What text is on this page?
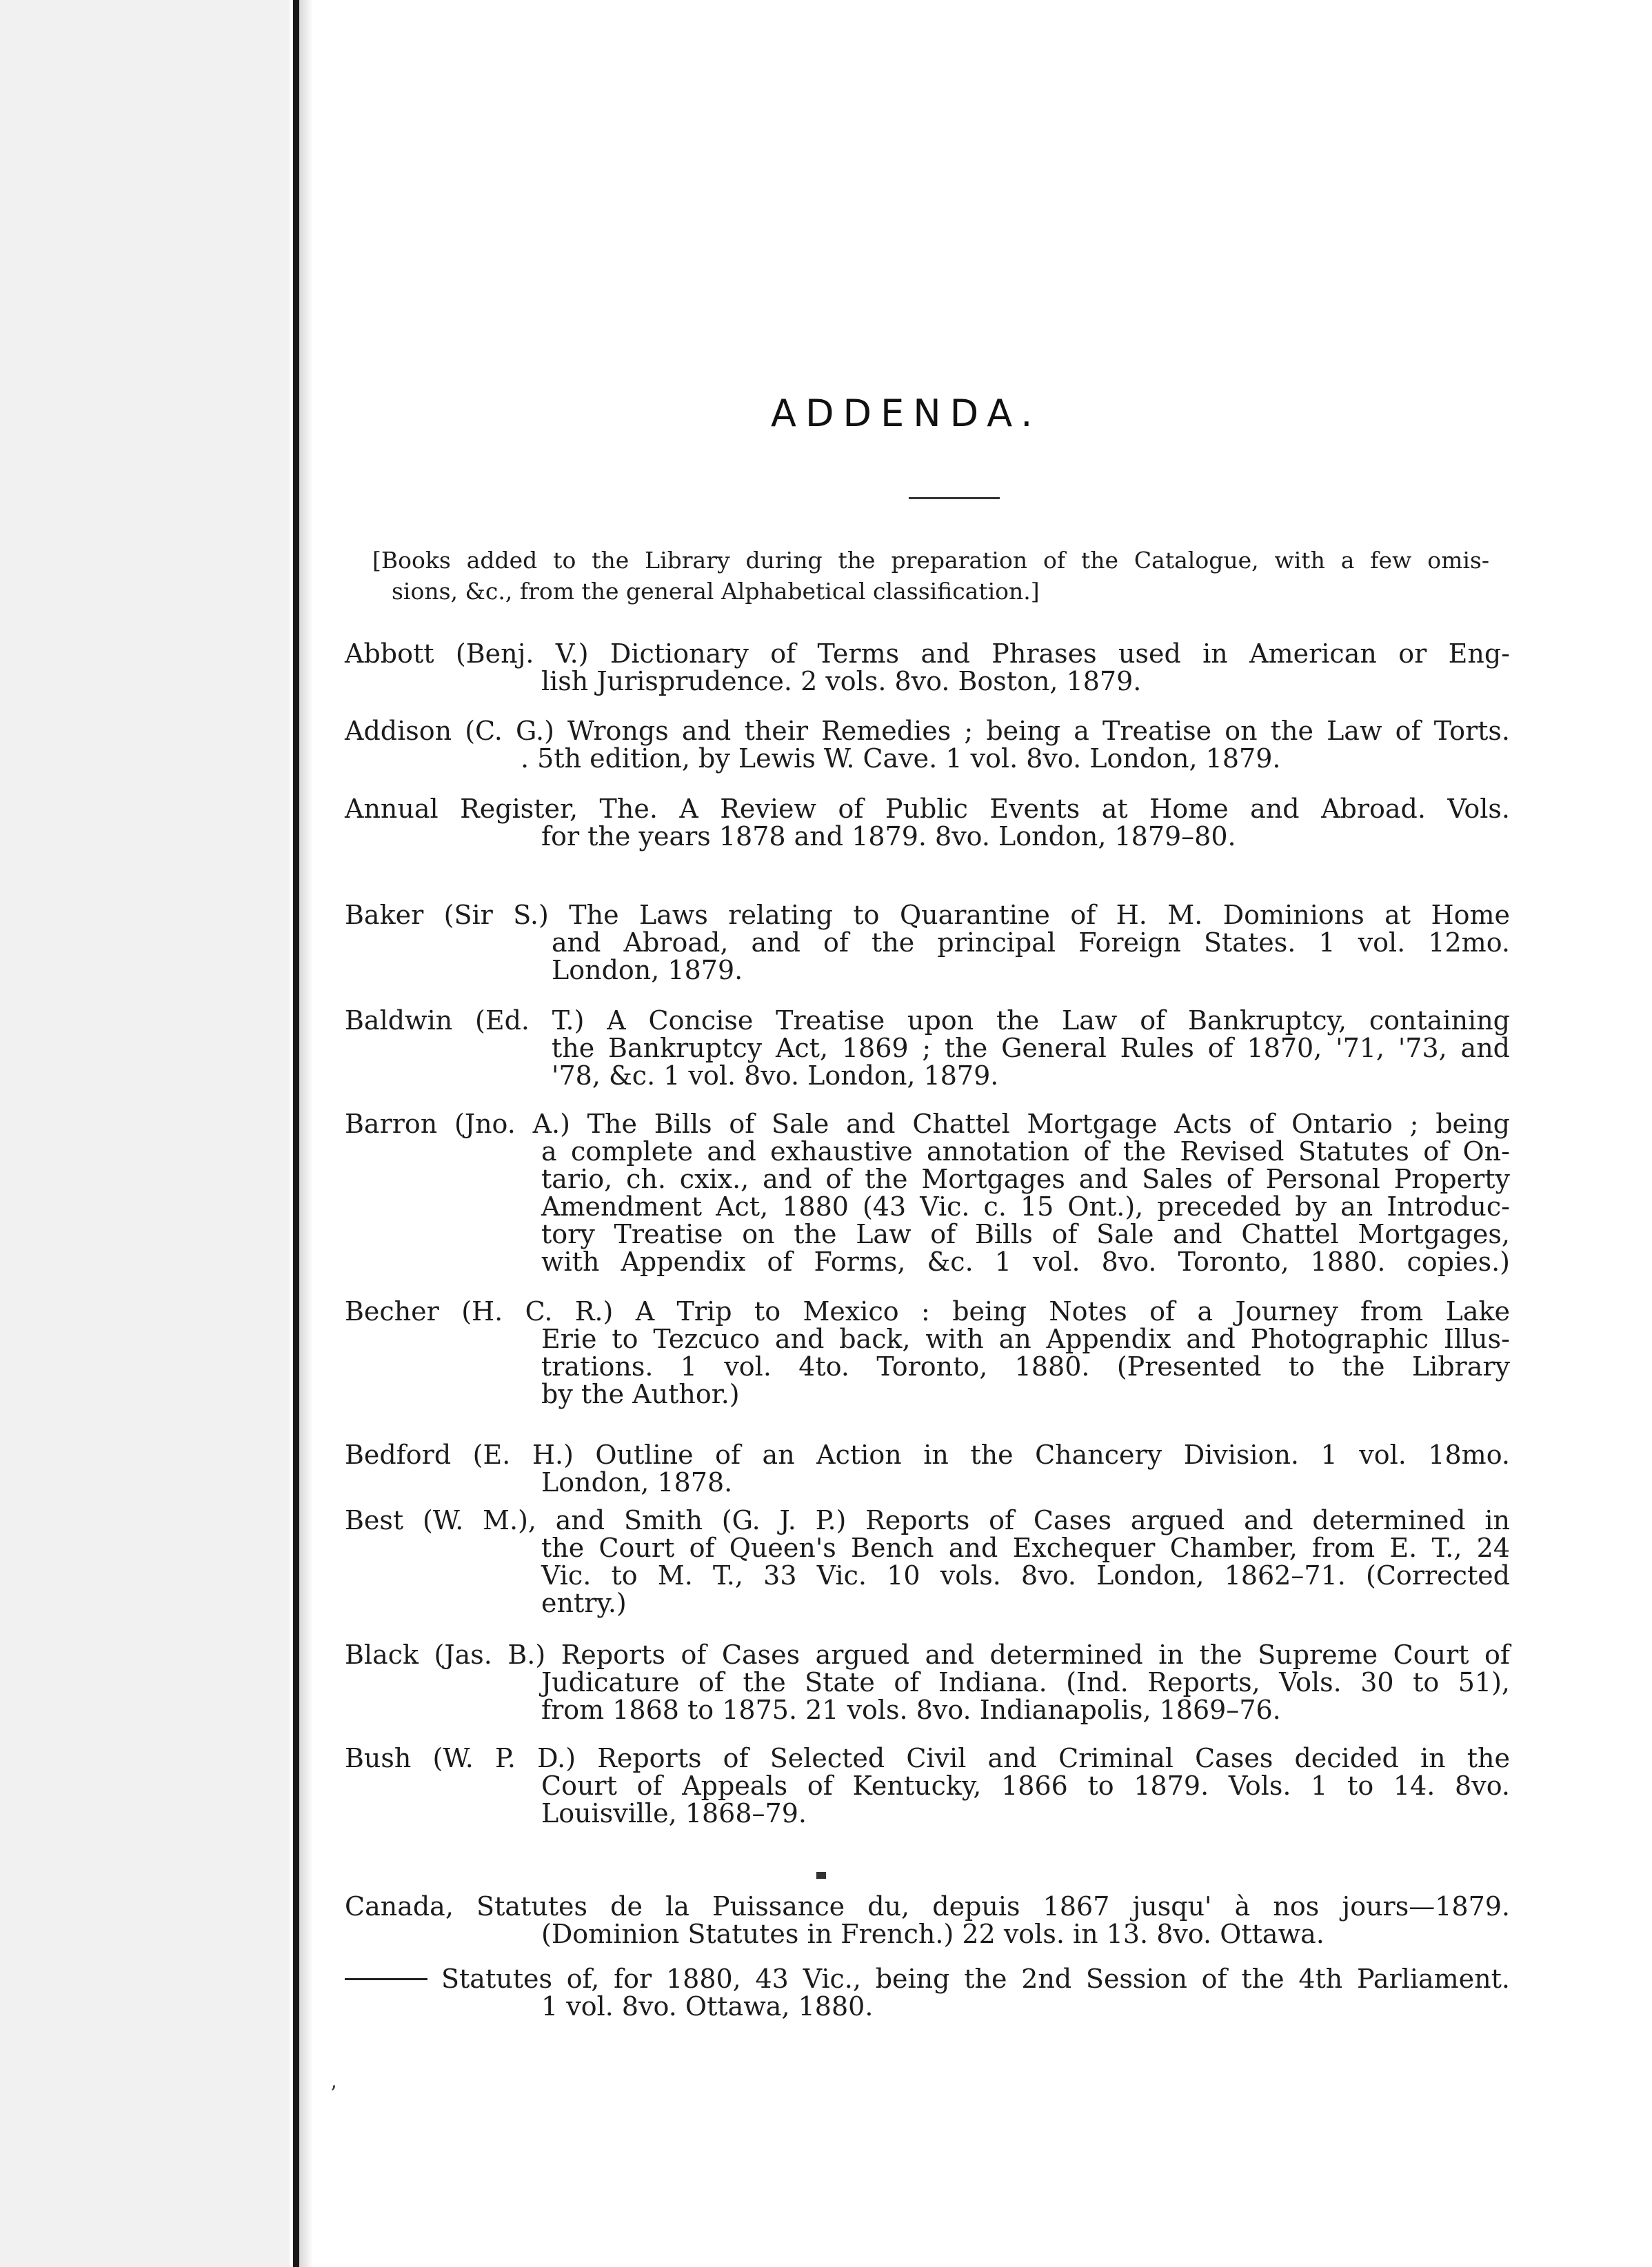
ADDENDA.
[Books added to the Library during the preparation of the Catalogue, with a few omis-
sions, &c., from the general Alphabetical classification.]
Abbott (Benj. V.) Dictionary of Terms and Phrases used in American or Eng-
lish Jurisprudence. 2 vols. 8vo. Boston, 1879.
Addison (C. G.) Wrongs and their Remedies ; being a Treatise on the Law of Torts.
. 5th edition, by Lewis W. Cave. 1 vol. 8vo. London, 1879.
Annual Register, The. A Review of Public Events at Home and Abroad. Vols.
for the years 1878 and 1879. 8vo. London, 1879–80.
Baker (Sir S.) The Laws relating to Quarantine of H. M. Dominions at Home
and Abroad, and of the principal Foreign States. 1 vol. 12mo.
London, 1879.
Baldwin (Ed. T.) A Concise Treatise upon the Law of Bankruptcy, containing
the Bankruptcy Act, 1869 ; the General Rules of 1870, '71, '73, and
'78, &c. 1 vol. 8vo. London, 1879.
Barron (Jno. A.) The Bills of Sale and Chattel Mortgage Acts of Ontario ; being
a complete and exhaustive annotation of the Revised Statutes of On-
tario, ch. cxix., and of the Mortgages and Sales of Personal Property
Amendment Act, 1880 (43 Vic. c. 15 Ont.), preceded by an Introduc-
tory Treatise on the Law of Bills of Sale and Chattel Mortgages,
with Appendix of Forms, &c. 1 vol. 8vo. Toronto, 1880. copies.)
Becher (H. C. R.) A Trip to Mexico : being Notes of a Journey from Lake
Erie to Tezcuco and back, with an Appendix and Photographic Illus-
trations. 1 vol. 4to. Toronto, 1880. (Presented to the Library
by the Author.)
Bedford (E. H.) Outline of an Action in the Chancery Division. 1 vol. 18mo.
London, 1878.
Best (W. M.), and Smith (G. J. P.) Reports of Cases argued and determined in
the Court of Queen's Bench and Exchequer Chamber, from E. T., 24
Vic. to M. T., 33 Vic. 10 vols. 8vo. London, 1862–71. (Corrected
entry.)
Black (Jas. B.) Reports of Cases argued and determined in the Supreme Court of
Judicature of the State of Indiana. (Ind. Reports, Vols. 30 to 51),
from 1868 to 1875. 21 vols. 8vo. Indianapolis, 1869–76.
Bush (W. P. D.) Reports of Selected Civil and Criminal Cases decided in the
Court of Appeals of Kentucky, 1866 to 1879. Vols. 1 to 14. 8vo.
Louisville, 1868–79.
Canada, Statutes de la Puissance du, depuis 1867 jusqu' à nos jours—1879.
(Dominion Statutes in French.) 22 vols. in 13. 8vo. Ottawa.
Statutes of, for 1880, 43 Vic., being the 2nd Session of the 4th Parliament.
1 vol. 8vo. Ottawa, 1880.
ʼ
